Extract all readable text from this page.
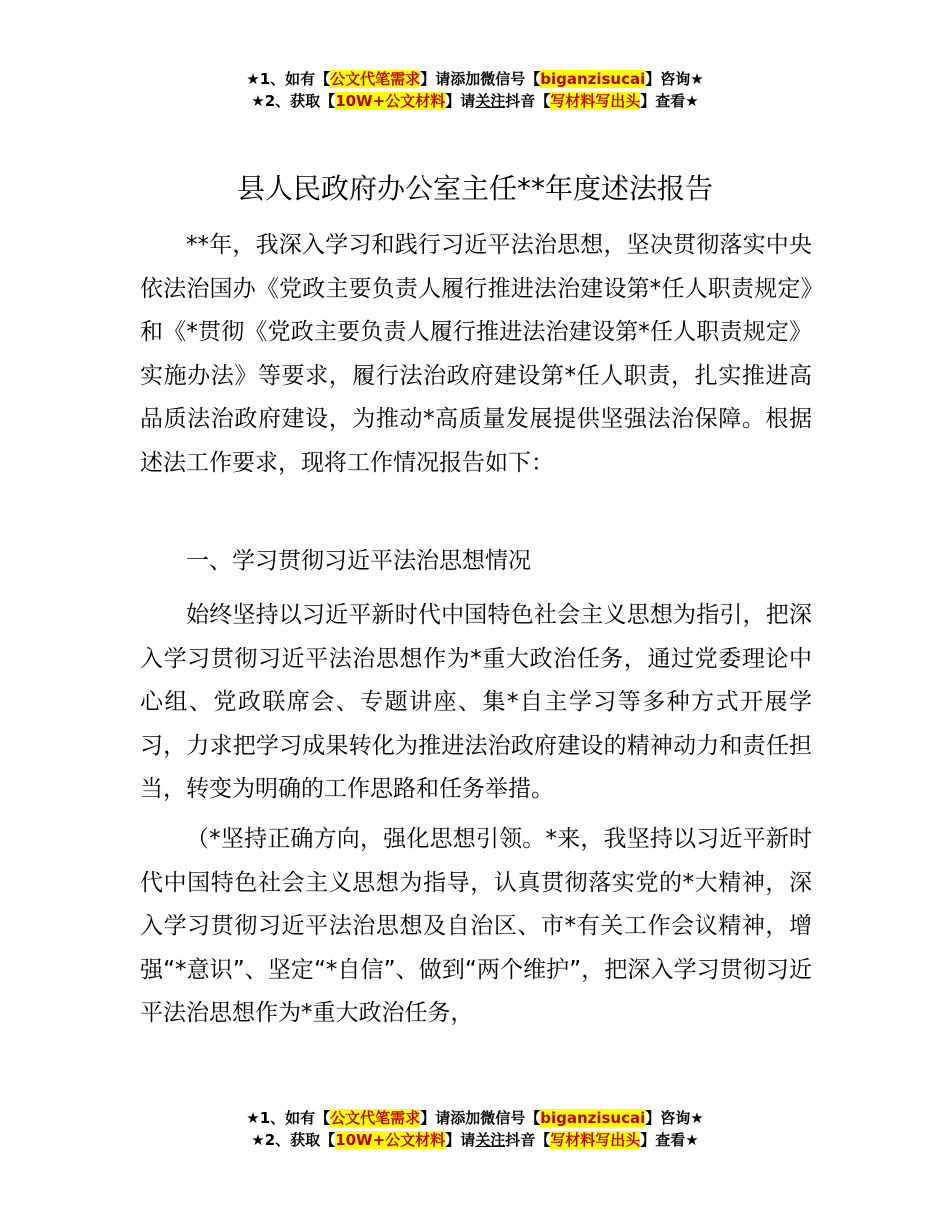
★1、如有【公文代笔需求】请添加微信号【biganzisucai】咨询★
★2、获取【10W+公文材料】请关注抖音【写材料写出头】查看★
县人民政府办公室主任**年度述法报告

**年，我深入学习和践行习近平法治思想，坚决贯彻落实中央依法治国办《党政主要负责人履行推进法治建设第*任人职责规定》和《*贯彻《党政主要负责人履行推进法治建设第*任人职责规定》实施办法》等要求，履行法治政府建设第*任人职责，扎实推进高品质法治政府建设，为推动*高质量发展提供坚强法治保障。根据述法工作要求，现将工作情况报告如下：

一、学习贯彻习近平法治思想情况

始终坚持以习近平新时代中国特色社会主义思想为指引，把深入学习贯彻习近平法治思想作为*重大政治任务，通过党委理论中心组、党政联席会、专题讲座、集*自主学习等多种方式开展学习，力求把学习成果转化为推进法治政府建设的精神动力和责任担当，转变为明确的工作思路和任务举措。

（*坚持正确方向，强化思想引领。*来，我坚持以习近平新时代中国特色社会主义思想为指导，认真贯彻落实党的*大精神，深入学习贯彻习近平法治思想及自治区、市*有关工作会议精神，增强“*意识”、坚定“*自信”、做到“两个维护”，把深入学习贯彻习近平法治思想作为*重大政治任务，

★1、如有【公文代笔需求】请添加微信号【biganzisucai】咨询★
★2、获取【10W+公文材料】请关注抖音【写材料写出头】查看★
